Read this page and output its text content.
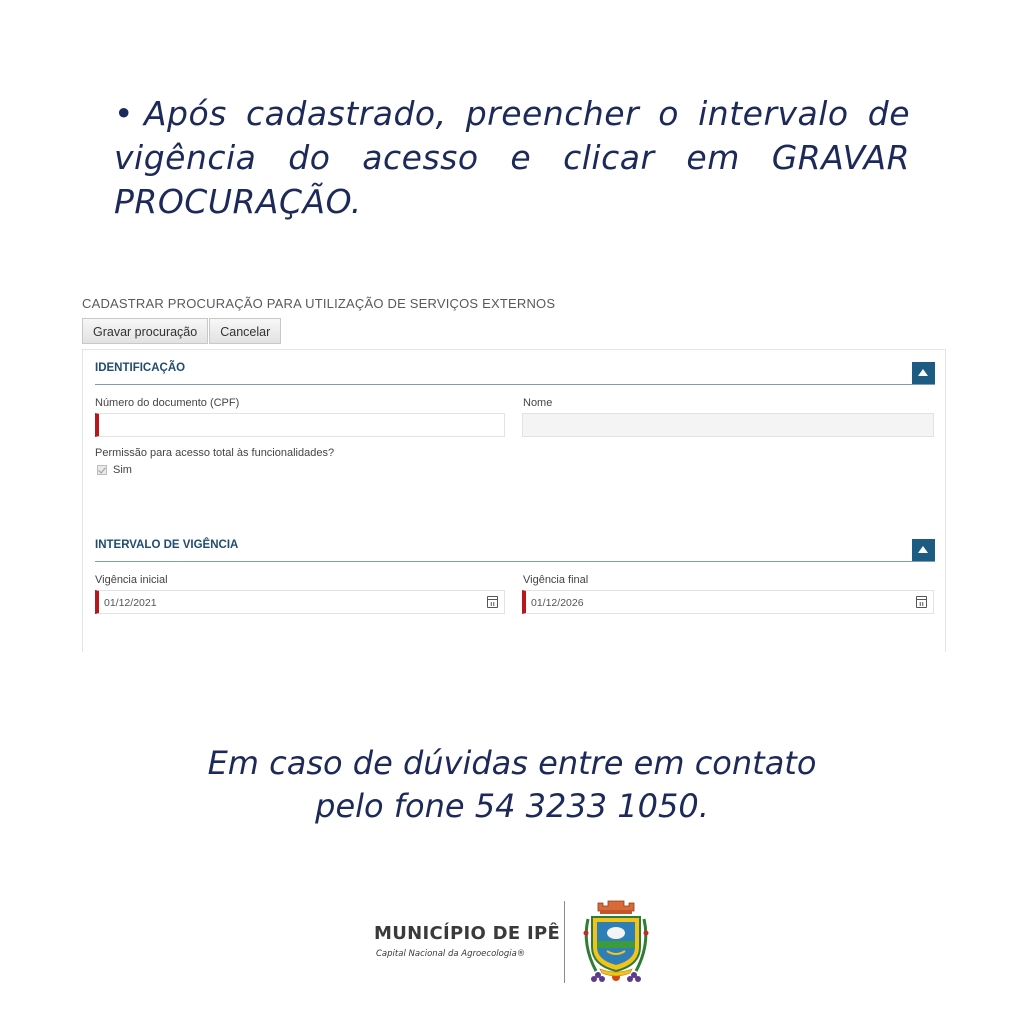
• Após cadastrado, preencher o intervalo de vigência do acesso e clicar em GRAVAR PROCURAÇÃO.
CADASTRAR PROCURAÇÃO PARA UTILIZAÇÃO DE SERVIÇOS EXTERNOS
Gravar procuração	Cancelar
IDENTIFICAÇÃO
Número do documento (CPF)	Nome
Permissão para acesso total às funcionalidades?
Sim
INTERVALO DE VIGÊNCIA
Vigência inicial
01/12/2021
Vigência final
01/12/2026
Em caso de dúvidas entre em contato
pelo fone 54 3233 1050.
MUNICÍPIO DE IPÊ
Capital Nacional da Agroecologia®
